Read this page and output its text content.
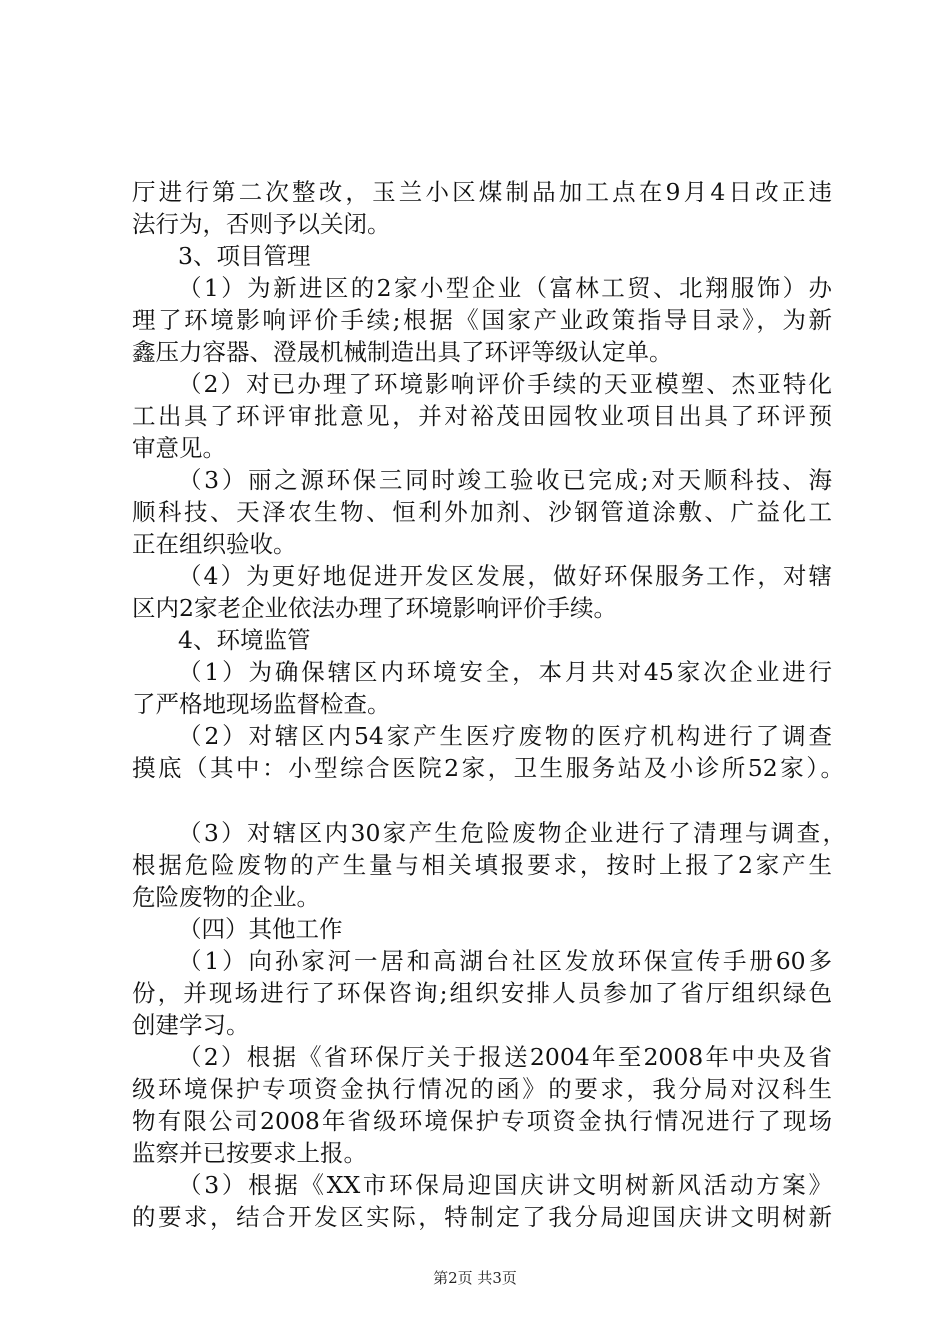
厅进行第二次整改，玉兰小区煤制品加工点在9月4日改正违
法行为，否则予以关闭。
3、项目管理
（1）为新进区的2家小型企业（富林工贸、北翔服饰）办
理了环境影响评价手续;根据《国家产业政策指导目录》，为新
鑫压力容器、澄晟机械制造出具了环评等级认定单。
（2）对已办理了环境影响评价手续的天亚模塑、杰亚特化
工出具了环评审批意见，并对裕茂田园牧业项目出具了环评预
审意见。
（3）丽之源环保三同时竣工验收已完成;对天顺科技、海
顺科技、天泽农生物、恒利外加剂、沙钢管道涂敷、广益化工
正在组织验收。
（4）为更好地促进开发区发展，做好环保服务工作，对辖
区内2家老企业依法办理了环境影响评价手续。
4、环境监管
（1）为确保辖区内环境安全，本月共对45家次企业进行
了严格地现场监督检查。
（2）对辖区内54家产生医疗废物的医疗机构进行了调查
摸底（其中：小型综合医院2家，卫生服务站及小诊所52家）。
（3）对辖区内30家产生危险废物企业进行了清理与调查，
根据危险废物的产生量与相关填报要求，按时上报了2家产生
危险废物的企业。
（四）其他工作
（1）向孙家河一居和高湖台社区发放环保宣传手册60多
份，并现场进行了环保咨询;组织安排人员参加了省厅组织绿色
创建学习。
（2）根据《省环保厅关于报送2004年至2008年中央及省
级环境保护专项资金执行情况的函》的要求，我分局对汉科生
物有限公司2008年省级环境保护专项资金执行情况进行了现场
监察并已按要求上报。
（3）根据《XX市环保局迎国庆讲文明树新风活动方案》
的要求，结合开发区实际，特制定了我分局迎国庆讲文明树新
第2页 共3页
